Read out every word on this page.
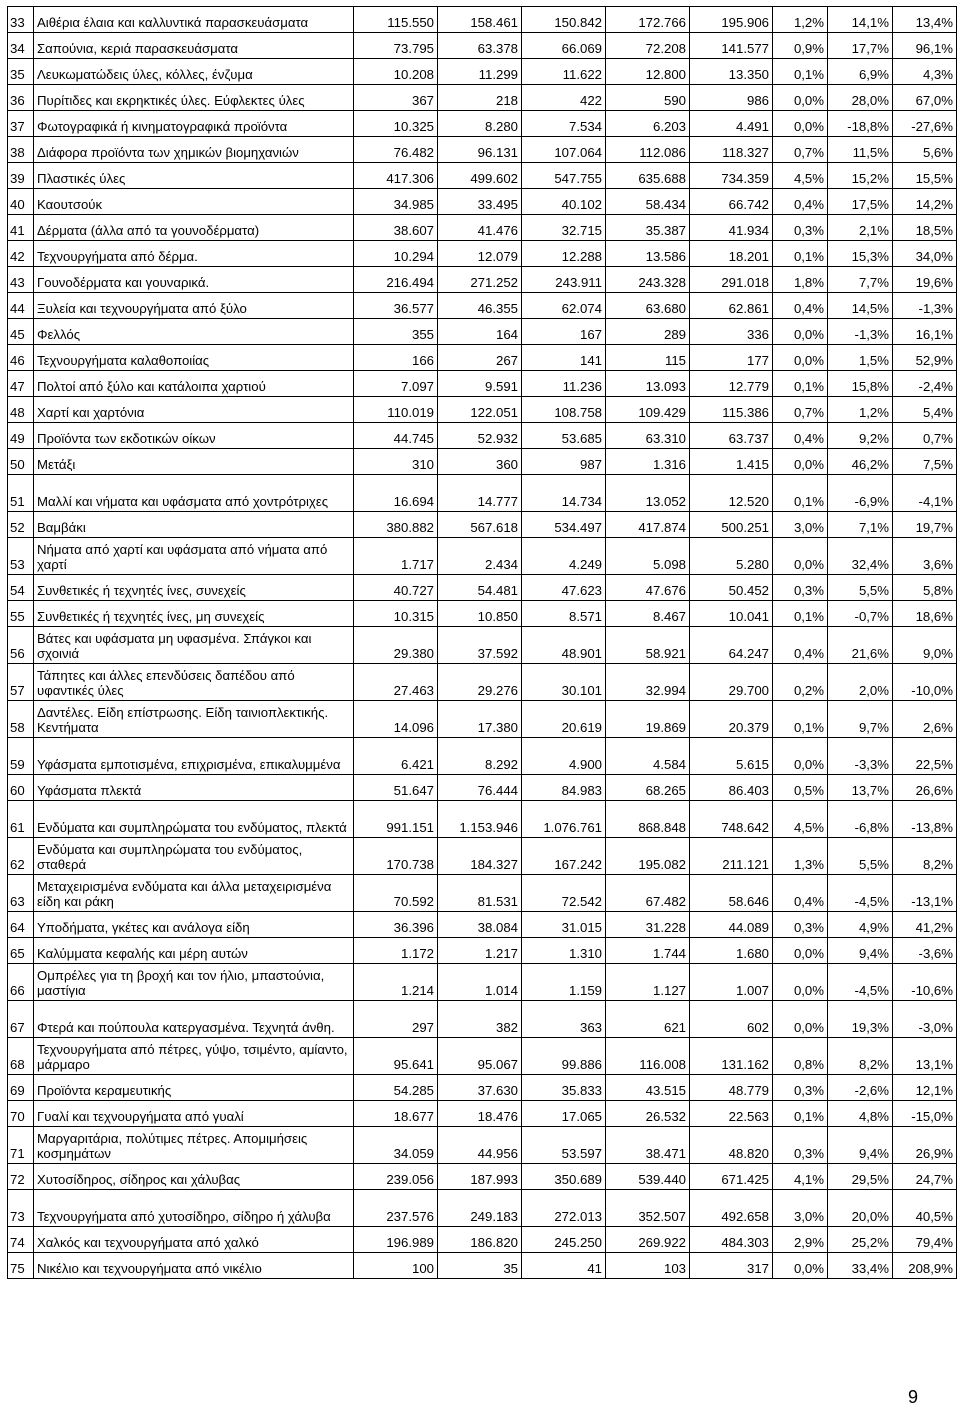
33	Αιθέρια έλαια και καλλυντικά παρασκευάσματα	115.550	158.461	150.842	172.766	195.906	1,2%	14,1%	13,4%
34	Σαπούνια, κεριά παρασκευάσματα	73.795	63.378	66.069	72.208	141.577	0,9%	17,7%	96,1%
35	Λευκωματώδεις ύλες, κόλλες, ένζυμα	10.208	11.299	11.622	12.800	13.350	0,1%	6,9%	4,3%
36	Πυρίτιδες και εκρηκτικές ύλες. Εύφλεκτες ύλες	367	218	422	590	986	0,0%	28,0%	67,0%
37	Φωτογραφικά ή κινηματογραφικά προϊόντα	10.325	8.280	7.534	6.203	4.491	0,0%	-18,8%	-27,6%
38	Διάφορα προϊόντα των χημικών βιομηχανιών	76.482	96.131	107.064	112.086	118.327	0,7%	11,5%	5,6%
39	Πλαστικές ύλες	417.306	499.602	547.755	635.688	734.359	4,5%	15,2%	15,5%
40	Καουτσούκ	34.985	33.495	40.102	58.434	66.742	0,4%	17,5%	14,2%
41	Δέρματα (άλλα από τα γουνοδέρματα)	38.607	41.476	32.715	35.387	41.934	0,3%	2,1%	18,5%
42	Τεχνουργήματα από δέρμα.	10.294	12.079	12.288	13.586	18.201	0,1%	15,3%	34,0%
43	Γουνοδέρματα και γουναρικά.	216.494	271.252	243.911	243.328	291.018	1,8%	7,7%	19,6%
44	Ξυλεία και τεχνουργήματα από ξύλο	36.577	46.355	62.074	63.680	62.861	0,4%	14,5%	-1,3%
45	Φελλός	355	164	167	289	336	0,0%	-1,3%	16,1%
46	Τεχνουργήματα καλαθοποιίας	166	267	141	115	177	0,0%	1,5%	52,9%
47	Πολτοί από ξύλο και κατάλοιπα χαρτιού	7.097	9.591	11.236	13.093	12.779	0,1%	15,8%	-2,4%
48	Χαρτί και χαρτόνια	110.019	122.051	108.758	109.429	115.386	0,7%	1,2%	5,4%
49	Προϊόντα των εκδοτικών οίκων	44.745	52.932	53.685	63.310	63.737	0,4%	9,2%	0,7%
50	Μετάξι	310	360	987	1.316	1.415	0,0%	46,2%	7,5%
51	Μαλλί και νήματα και υφάσματα από χοντρότριχες	16.694	14.777	14.734	13.052	12.520	0,1%	-6,9%	-4,1%
52	Βαμβάκι	380.882	567.618	534.497	417.874	500.251	3,0%	7,1%	19,7%
53	Νήματα από χαρτί και υφάσματα από νήματα από χαρτί	1.717	2.434	4.249	5.098	5.280	0,0%	32,4%	3,6%
54	Συνθετικές ή τεχνητές ίνες, συνεχείς	40.727	54.481	47.623	47.676	50.452	0,3%	5,5%	5,8%
55	Συνθετικές ή τεχνητές ίνες, μη συνεχείς	10.315	10.850	8.571	8.467	10.041	0,1%	-0,7%	18,6%
56	Βάτες και υφάσματα μη υφασμένα. Σπάγκοι και σχοινιά	29.380	37.592	48.901	58.921	64.247	0,4%	21,6%	9,0%
57	Τάπητες και άλλες επενδύσεις δαπέδου από υφαντικές ύλες	27.463	29.276	30.101	32.994	29.700	0,2%	2,0%	-10,0%
58	Δαντέλες. Είδη επίστρωσης. Είδη ταινιοπλεκτικής. Κεντήματα	14.096	17.380	20.619	19.869	20.379	0,1%	9,7%	2,6%
59	Υφάσματα εμποτισμένα, επιχρισμένα, επικαλυμμένα	6.421	8.292	4.900	4.584	5.615	0,0%	-3,3%	22,5%
60	Υφάσματα πλεκτά	51.647	76.444	84.983	68.265	86.403	0,5%	13,7%	26,6%
61	Ενδύματα και συμπληρώματα του ενδύματος, πλεκτά	991.151	1.153.946	1.076.761	868.848	748.642	4,5%	-6,8%	-13,8%
62	Ενδύματα και συμπληρώματα του ενδύματος, σταθερά	170.738	184.327	167.242	195.082	211.121	1,3%	5,5%	8,2%
63	Μεταχειρισμένα ενδύματα και άλλα μεταχειρισμένα είδη και ράκη	70.592	81.531	72.542	67.482	58.646	0,4%	-4,5%	-13,1%
64	Υποδήματα, γκέτες και ανάλογα είδη	36.396	38.084	31.015	31.228	44.089	0,3%	4,9%	41,2%
65	Καλύμματα κεφαλής και μέρη αυτών	1.172	1.217	1.310	1.744	1.680	0,0%	9,4%	-3,6%
66	Ομπρέλες για τη βροχή και τον ήλιο, μπαστούνια, μαστίγια	1.214	1.014	1.159	1.127	1.007	0,0%	-4,5%	-10,6%
67	Φτερά και πούπουλα κατεργασμένα. Τεχνητά άνθη.	297	382	363	621	602	0,0%	19,3%	-3,0%
68	Τεχνουργήματα από πέτρες, γύψο, τσιμέντο, αμίαντο, μάρμαρο	95.641	95.067	99.886	116.008	131.162	0,8%	8,2%	13,1%
69	Προϊόντα κεραμευτικής	54.285	37.630	35.833	43.515	48.779	0,3%	-2,6%	12,1%
70	Γυαλί και τεχνουργήματα από γυαλί	18.677	18.476	17.065	26.532	22.563	0,1%	4,8%	-15,0%
71	Μαργαριτάρια, πολύτιμες πέτρες. Απομιμήσεις κοσμημάτων	34.059	44.956	53.597	38.471	48.820	0,3%	9,4%	26,9%
72	Χυτοσίδηρος, σίδηρος και χάλυβας	239.056	187.993	350.689	539.440	671.425	4,1%	29,5%	24,7%
73	Τεχνουργήματα από χυτοσίδηρο, σίδηρο ή χάλυβα	237.576	249.183	272.013	352.507	492.658	3,0%	20,0%	40,5%
74	Χαλκός και τεχνουργήματα από χαλκό	196.989	186.820	245.250	269.922	484.303	2,9%	25,2%	79,4%
75	Νικέλιο και τεχνουργήματα από νικέλιο	100	35	41	103	317	0,0%	33,4%	208,9%
9
